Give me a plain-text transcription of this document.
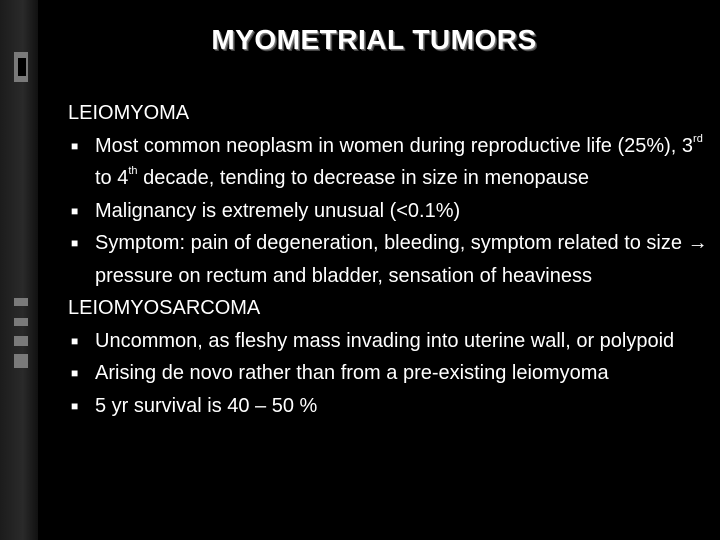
MYOMETRIAL TUMORS

LEIOMYOMA

■ Most common neoplasm in women during reproductive life (25%), 3rd to 4th decade, tending to decrease in size in menopause

■ Malignancy is extremely unusual (<0.1%)

■ Symptom: pain of degeneration, bleeding, symptom related to size → pressure on rectum and bladder, sensation of heaviness

LEIOMYOSARCOMA

■ Uncommon, as fleshy mass invading into uterine wall, or polypoid

■ Arising de novo rather than from a pre-existing leiomyoma

■ 5 yr survival is 40 – 50 %
